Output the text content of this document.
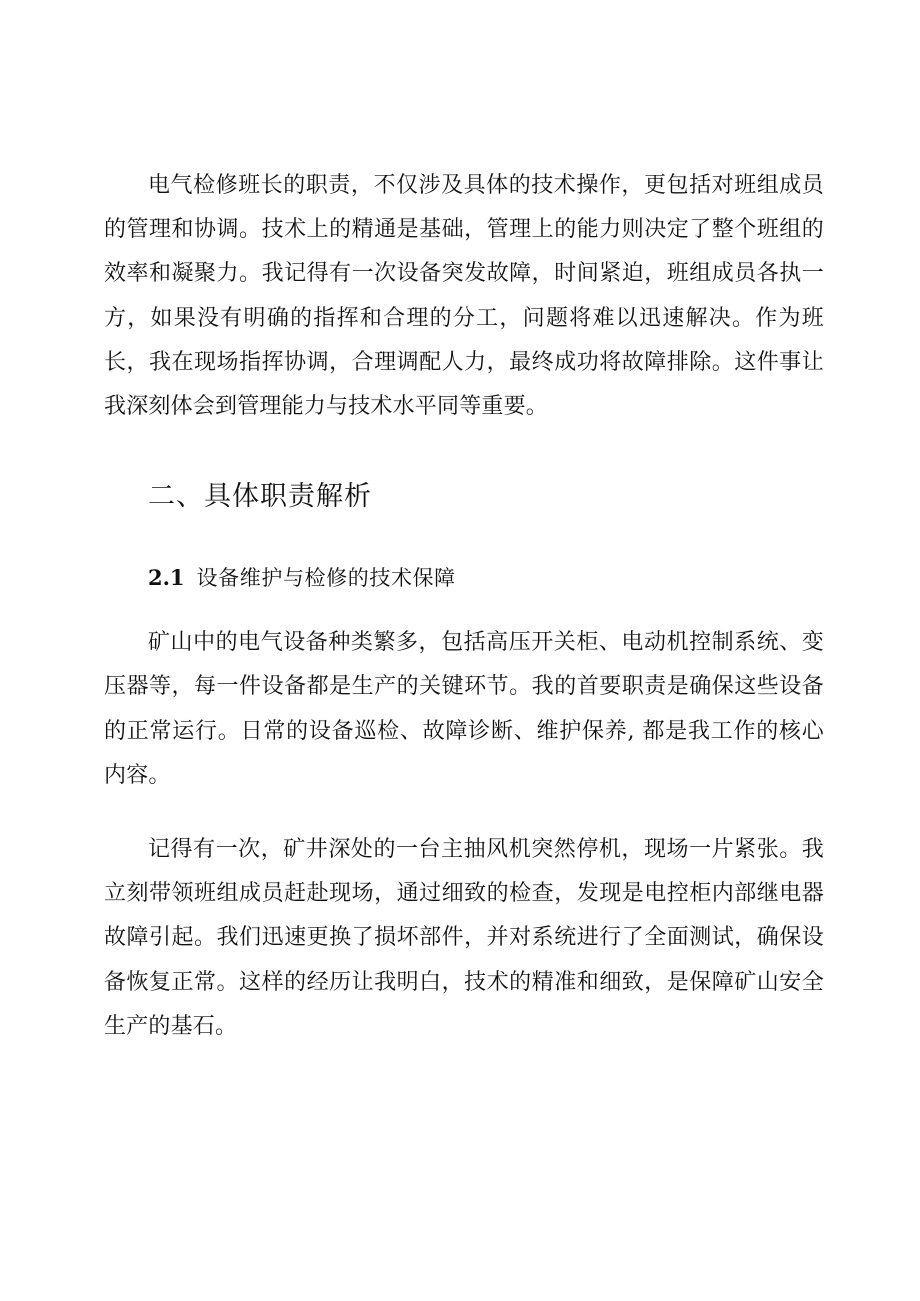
电气检修班长的职责，不仅涉及具体的技术操作，更包括对班组成员的管理和协调。技术上的精通是基础，管理上的能力则决定了整个班组的效率和凝聚力。我记得有一次设备突发故障，时间紧迫，班组成员各执一方，如果没有明确的指挥和合理的分工，问题将难以迅速解决。作为班长，我在现场指挥协调，合理调配人力，最终成功将故障排除。这件事让我深刻体会到管理能力与技术水平同等重要。

二、具体职责解析
2.1 设备维护与检修的技术保障

矿山中的电气设备种类繁多，包括高压开关柜、电动机控制系统、变压器等，每一件设备都是生产的关键环节。我的首要职责是确保这些设备的正常运行。日常的设备巡检、故障诊断、维护保养, 都是我工作的核心内容。

记得有一次，矿井深处的一台主抽风机突然停机，现场一片紧张。我立刻带领班组成员赶赴现场，通过细致的检查，发现是电控柜内部继电器故障引起。我们迅速更换了损坏部件，并对系统进行了全面测试，确保设备恢复正常。这样的经历让我明白，技术的精准和细致，是保障矿山安全生产的基石。
